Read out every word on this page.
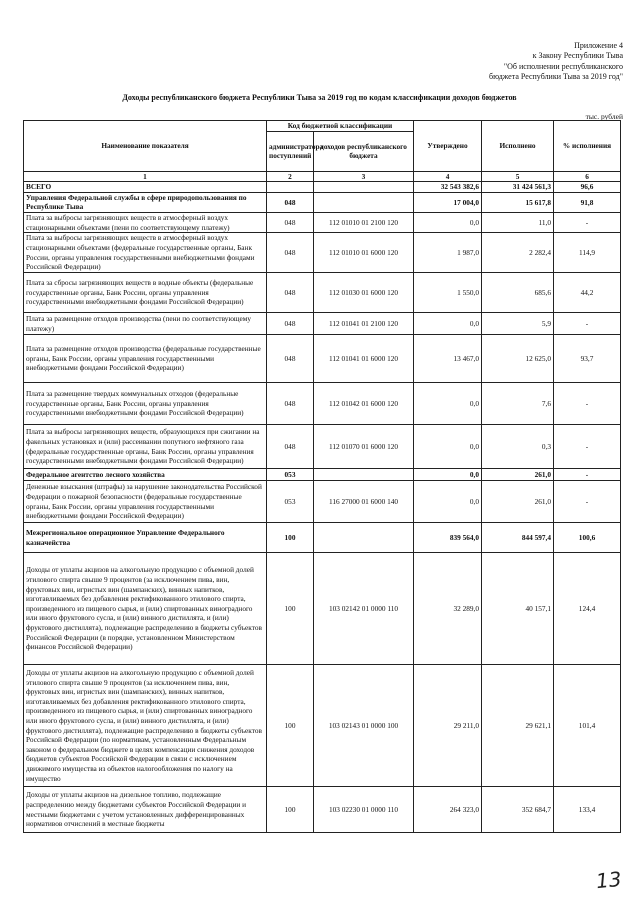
Приложение 4
к Закону Республики Тыва
"Об исполнении республиканского
бюджета Республики Тыва за 2019 год"
Доходы республиканского бюджета Республики Тыва за 2019 год по кодам классификации доходов бюджетов
тыс. рублей
Наименование показателя	Код бюджетной классификации		Утверждено	Исполнено	% исполнения
	администратора поступлений	доходов республиканского бюджета			
1	2	3	4	5	6
ВСЕГО			32 543 382,6	31 424 561,3	96,6
Управления Федеральной службы в сфере природопользования по Республике Тыва	048		17 004,0	15 617,8	91,8
Плата за выбросы загрязняющих веществ в атмосферный воздух стационарными объектами (пени по соответствующему платежу)	048	112 01010 01 2100 120	0,0	11,0	-
Плата за выбросы загрязняющих веществ в атмосферный воздух стационарными объектами (федеральные государственные органы, Банк России, органы управления государственными внебюджетными фондами Российской Федерации)	048	112 01010 01 6000 120	1 987,0	2 282,4	114,9
Плата за сбросы загрязняющих веществ в водные объекты (федеральные государственные органы, Банк России, органы управления государственными внебюджетными фондами Российской Федерации)	048	112 01030 01 6000 120	1 550,0	685,6	44,2
Плата за размещение отходов производства (пени по соответствующему платежу)	048	112 01041 01 2100 120	0,0	5,9	-
Плата за размещение отходов производства (федеральные государственные органы, Банк России, органы управления государственными внебюджетными фондами Российской Федерации)	048	112 01041 01 6000 120	13 467,0	12 625,0	93,7
Плата за размещение твердых коммунальных отходов (федеральные государственные органы, Банк России, органы управления государственными внебюджетными фондами Российской Федерации)	048	112 01042 01 6000 120	0,0	7,6	-
Плата за выбросы загрязняющих веществ, образующихся при сжигании на факельных установках и (или) рассеивании попутного нефтяного газа (федеральные государственные органы, Банк России, органы управления государственными внебюджетными фондами Российской Федерации)	048	112 01070 01 6000 120	0,0	0,3	-
Федеральное агентство лесного хозяйства	053		0,0	261,0	-
Денежные взыскания (штрафы) за нарушение законодательства Российской Федерации о пожарной безопасности (федеральные государственные органы, Банк России, органы управления государственными внебюджетными фондами Российской Федерации)	053	116 27000 01 6000 140	0,0	261,0	-
Межрегиональное операционное Управление Федерального казначейства	100		839 564,0	844 597,4	100,6
Доходы от уплаты акцизов на алкогольную продукцию с объемной долей этилового спирта свыше 9 процентов (за исключением пива, вин, фруктовых вин, игристых вин (шампанских), винных напитков, изготавливаемых без добавления ректификованного этилового спирта, произведенного из пищевого сырья, и (или) спиртованных виноградного или иного фруктового сусла, и (или) винного дистиллята, и (или) фруктового дистиллята), подлежащие распределению в бюджеты субъектов Российской Федерации (в порядке, установленном Министерством финансов Российской Федерации)	100	103 02142 01 0000 110	32 289,0	40 157,1	124,4
Доходы от уплаты акцизов на алкогольную продукцию с объемной долей этилового спирта свыше 9 процентов (за исключением пива, вин, фруктовых вин, игристых вин (шампанских), винных напитков, изготавливаемых без добавления ректификованного этилового спирта, произведенного из пищевого сырья, и (или) спиртованных виноградного или иного фруктового сусла, и (или) винного дистиллята, и (или) фруктового дистиллята), подлежащие распределению в бюджеты субъектов Российской Федерации (по нормативам, установленным Федеральным законом о федеральном бюджете в целях компенсации снижения доходов бюджетов субъектов Российской Федерации в связи с исключением движимого имущества из объектов налогообложения по налогу на имущество	100	103 02143 01 0000 100	29 211,0	29 621,1	101,4
Доходы от уплаты акцизов на дизельное топливо, подлежащие распределению между бюджетами субъектов Российской Федерации и местными бюджетами с учетом установленных дифференцированных нормативов отчислений в местные бюджеты	100	103 02230 01 0000 110	264 323,0	352 684,7	133,4
13
